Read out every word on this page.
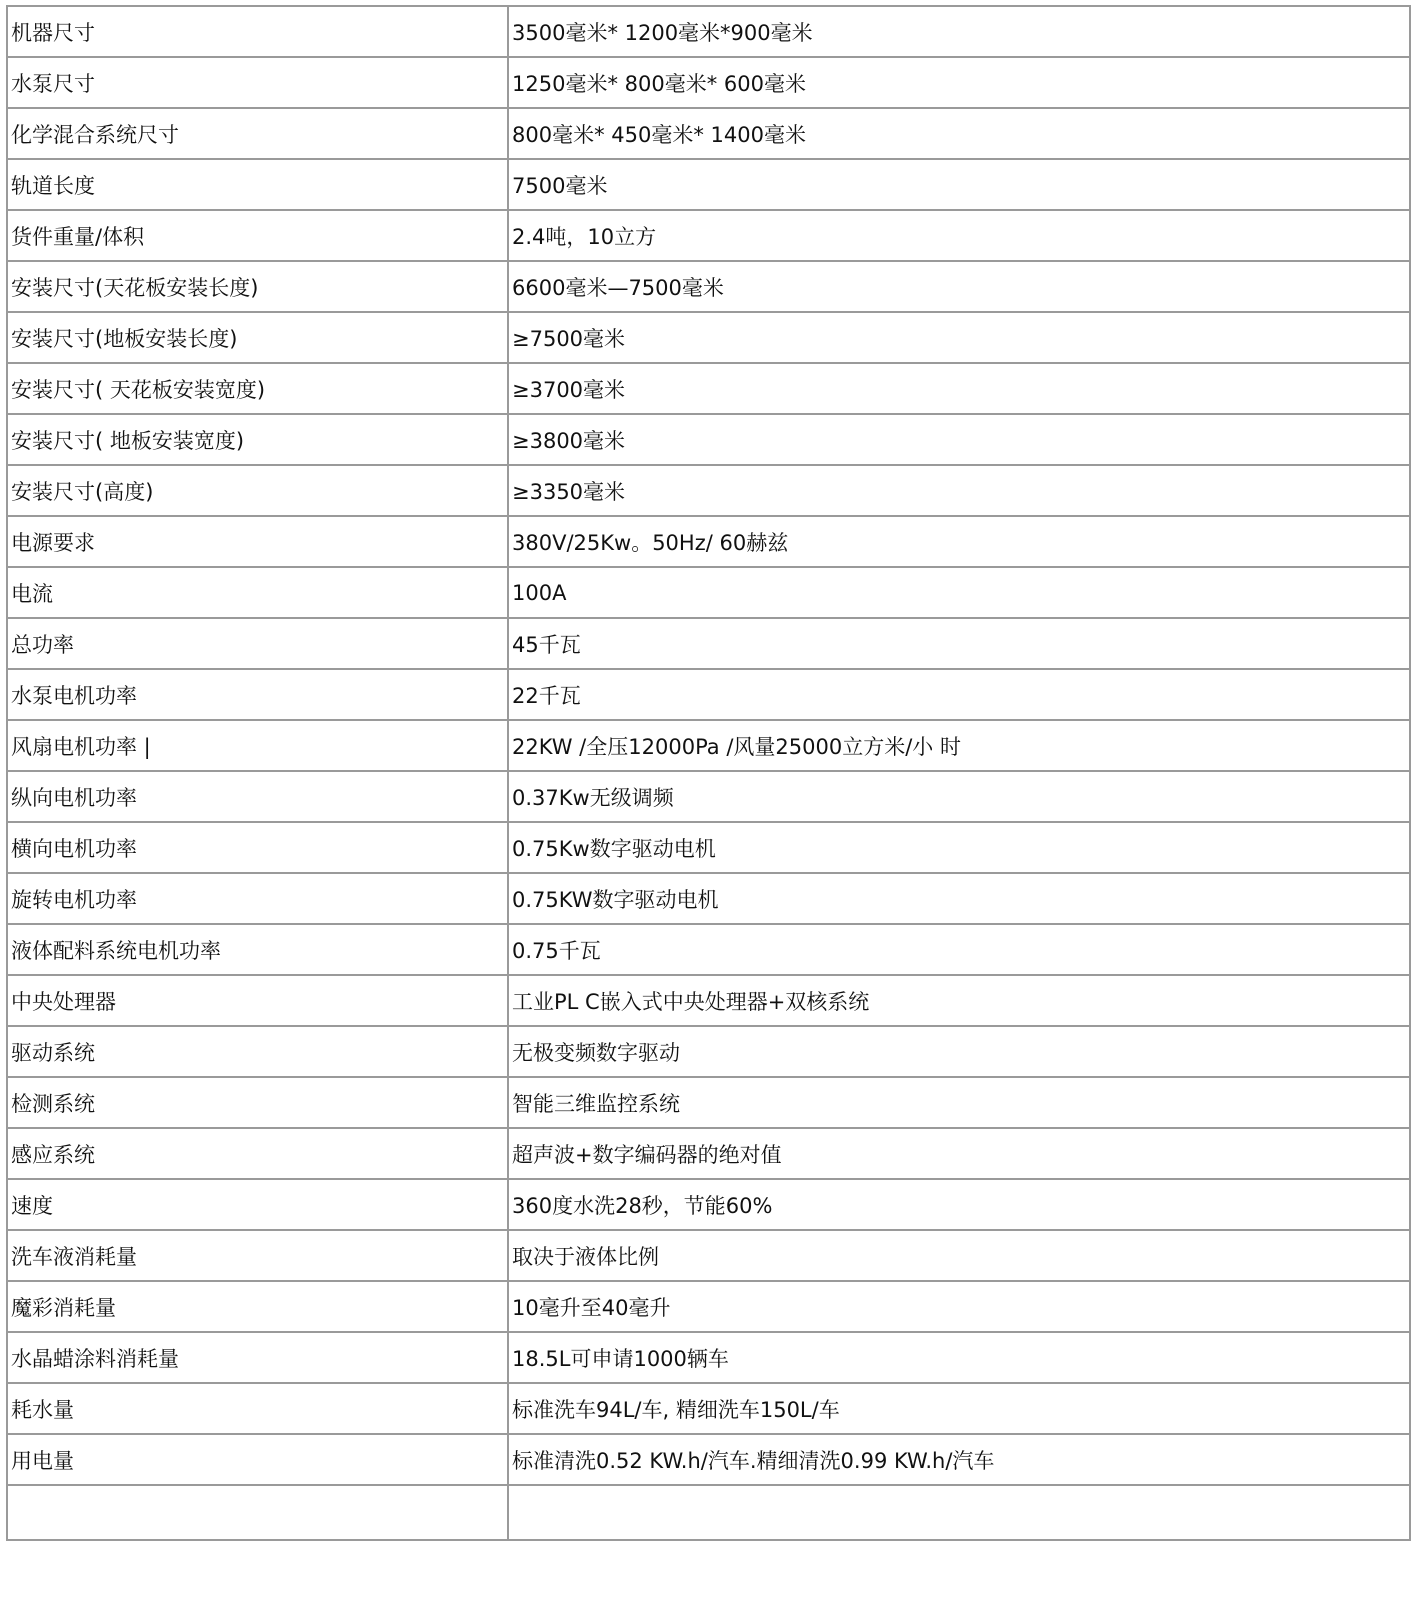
机器尺寸	3500毫米* 1200毫米*900毫米
水泵尺寸	1250毫米* 800毫米* 600毫米
化学混合系统尺寸	800毫米* 450毫米* 1400毫米
轨道长度	7500毫米
货件重量/体积	2.4吨，10立方
安装尺寸(天花板安装长度)	6600毫米—7500毫米
安装尺寸(地板安装长度)	≥7500毫米
安装尺寸( 天花板安装宽度)	≥3700毫米
安装尺寸( 地板安装宽度)	≥3800毫米
安装尺寸(高度)	≥3350毫米
电源要求	380V/25Kw。50Hz/ 60赫兹
电流	100A
总功率	45千瓦
水泵电机功率	22千瓦
风扇电机功率 |	22KW /全压12000Pa /风量25000立方米/小 时
纵向电机功率	0.37Kw无级调频
横向电机功率	0.75Kw数字驱动电机
旋转电机功率	0.75KW数字驱动电机
液体配料系统电机功率	0.75千瓦
中央处理器	工业PL C嵌入式中央处理器+双核系统
驱动系统	无极变频数字驱动
检测系统	智能三维监控系统
感应系统	超声波+数字编码器的绝对值
速度	360度水洗28秒，节能60%
洗车液消耗量	取决于液体比例
魔彩消耗量	10毫升至40毫升
水晶蜡涂料消耗量	18.5L可申请1000辆车
耗水量	标准洗车94L/车, 精细洗车150L/车
用电量	标准清洗0.52 KW.h/汽车.精细清洗0.99 KW.h/汽车
